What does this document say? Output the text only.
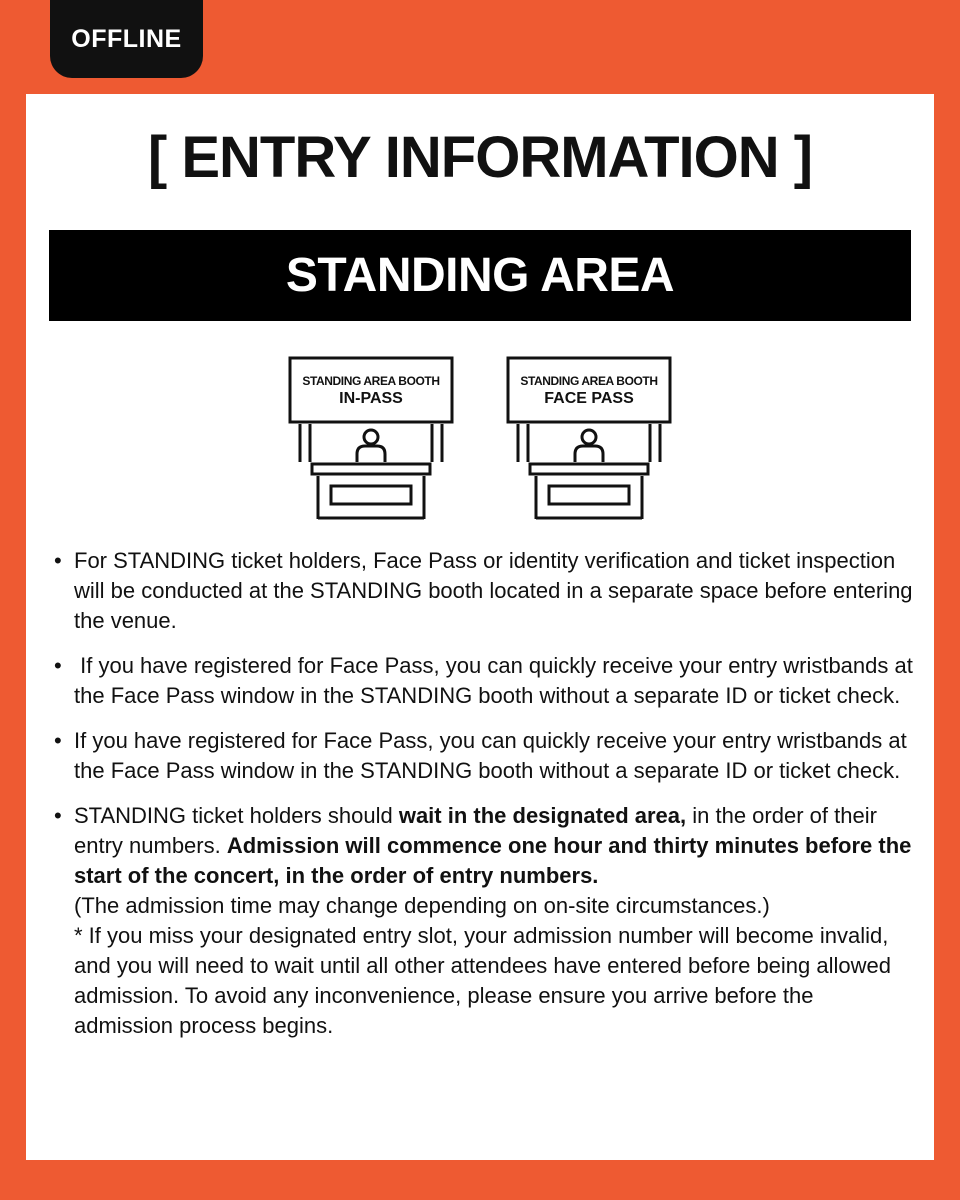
OFFLINE
[ ENTRY INFORMATION ]
STANDING AREA
STANDING AREA BOOTH
IN-PASS
STANDING AREA BOOTH
FACE PASS
• For STANDING ticket holders, Face Pass or identity verification and ticket inspection will be conducted at the STANDING booth located in a separate space before entering the venue.
• If you have registered for Face Pass, you can quickly receive your entry wristbands at the Face Pass window in the STANDING booth without a separate ID or ticket check.
• If you have registered for Face Pass, you can quickly receive your entry wristbands at the Face Pass window in the STANDING booth without a separate ID or ticket check.
• STANDING ticket holders should wait in the designated area, in the order of their entry numbers. Admission will commence one hour and thirty minutes before the start of the concert, in the order of entry numbers.
(The admission time may change depending on on-site circumstances.)
* If you miss your designated entry slot, your admission number will become invalid, and you will need to wait until all other attendees have entered before being allowed admission. To avoid any inconvenience, please ensure you arrive before the admission process begins.
